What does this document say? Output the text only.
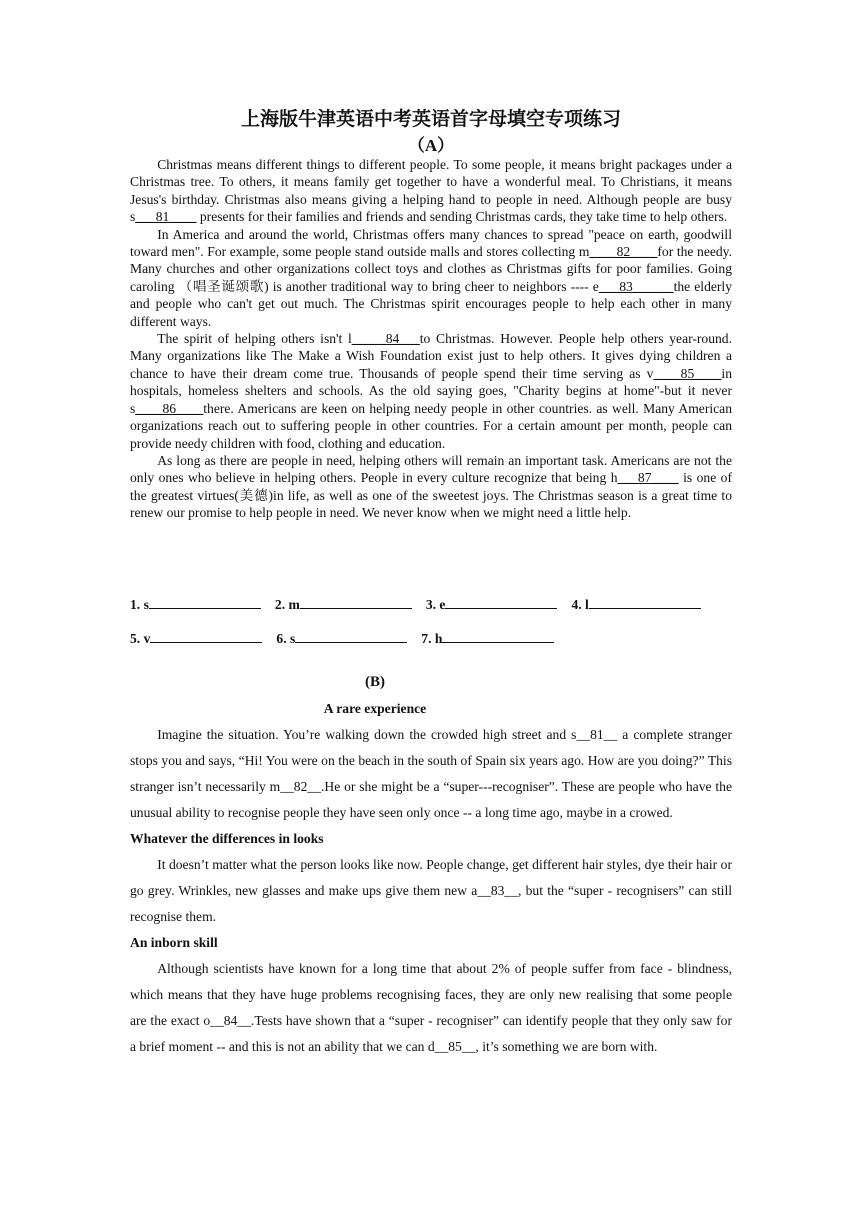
上海版牛津英语中考英语首字母填空专项练习
（A）

Christmas means different things to different people. To some people, it means bright packages under a Christmas tree. To others, it means family get together to have a wonderful meal. To Christians, it means Jesus's birthday. Christmas also means giving a helping hand to people in need. Although people are busy s___81____ presents for their families and friends and sending Christmas cards, they take time to help others.

In America and around the world, Christmas offers many chances to spread "peace on earth, goodwill toward men". For example, some people stand outside malls and stores collecting m____82____for the needy. Many churches and other organizations collect toys and clothes as Christmas gifts for poor families. Going caroling （唱圣诞颂歌) is another traditional way to bring cheer to neighbors ---- e___83______the elderly and people who can't get out much. The Christmas spirit encourages people to help each other in many different ways.

The spirit of helping others isn't l_____84___to Christmas. However. People help others year-round. Many organizations like The Make a Wish Foundation exist just to help others. It gives dying children a chance to have their dream come true. Thousands of people spend their time serving as v____85____in hospitals, homeless shelters and schools. As the old saying goes, "Charity begins at home"-but it never s____86____there. Americans are keen on helping needy people in other countries. as well. Many American organizations reach out to suffering people in other countries. For a certain amount per month, people can provide needy children with food, clothing and education.

As long as there are people in need, helping others will remain an important task. Americans are not the only ones who believe in helping others. People in every culture recognize that being h___87____ is one of the greatest virtues(美德)in life, as well as one of the sweetest joys. The Christmas season is a great time to renew our promise to help people in need. We never know when we might need a little help.

1. s	2. m	3. e	4. l
5. v	6. s	7. h
(B)
A rare experience

Imagine the situation. You’re walking down the crowded high street and s__81__ a complete stranger stops you and says, “Hi! You were on the beach in the south of Spain six years ago. How are you doing?” This stranger isn’t necessarily m__82__.He or she might be a “super---recogniser”. These are people who have the unusual ability to recognise people they have seen only once -- a long time ago, maybe in a crowed.

Whatever the differences in looks

It doesn’t matter what the person looks like now. People change, get different hair styles, dye their hair or go grey. Wrinkles, new glasses and make ups give them new a__83__, but the “super - recognisers” can still recognise them.

An inborn skill

Although scientists have known for a long time that about 2% of people suffer from face - blindness, which means that they have huge problems recognising faces, they are only new realising that some people are the exact o__84__.Tests have shown that a “super - recogniser” can identify people that they only saw for a brief moment -- and this is not an ability that we can d__85__, it’s something we are born with.
